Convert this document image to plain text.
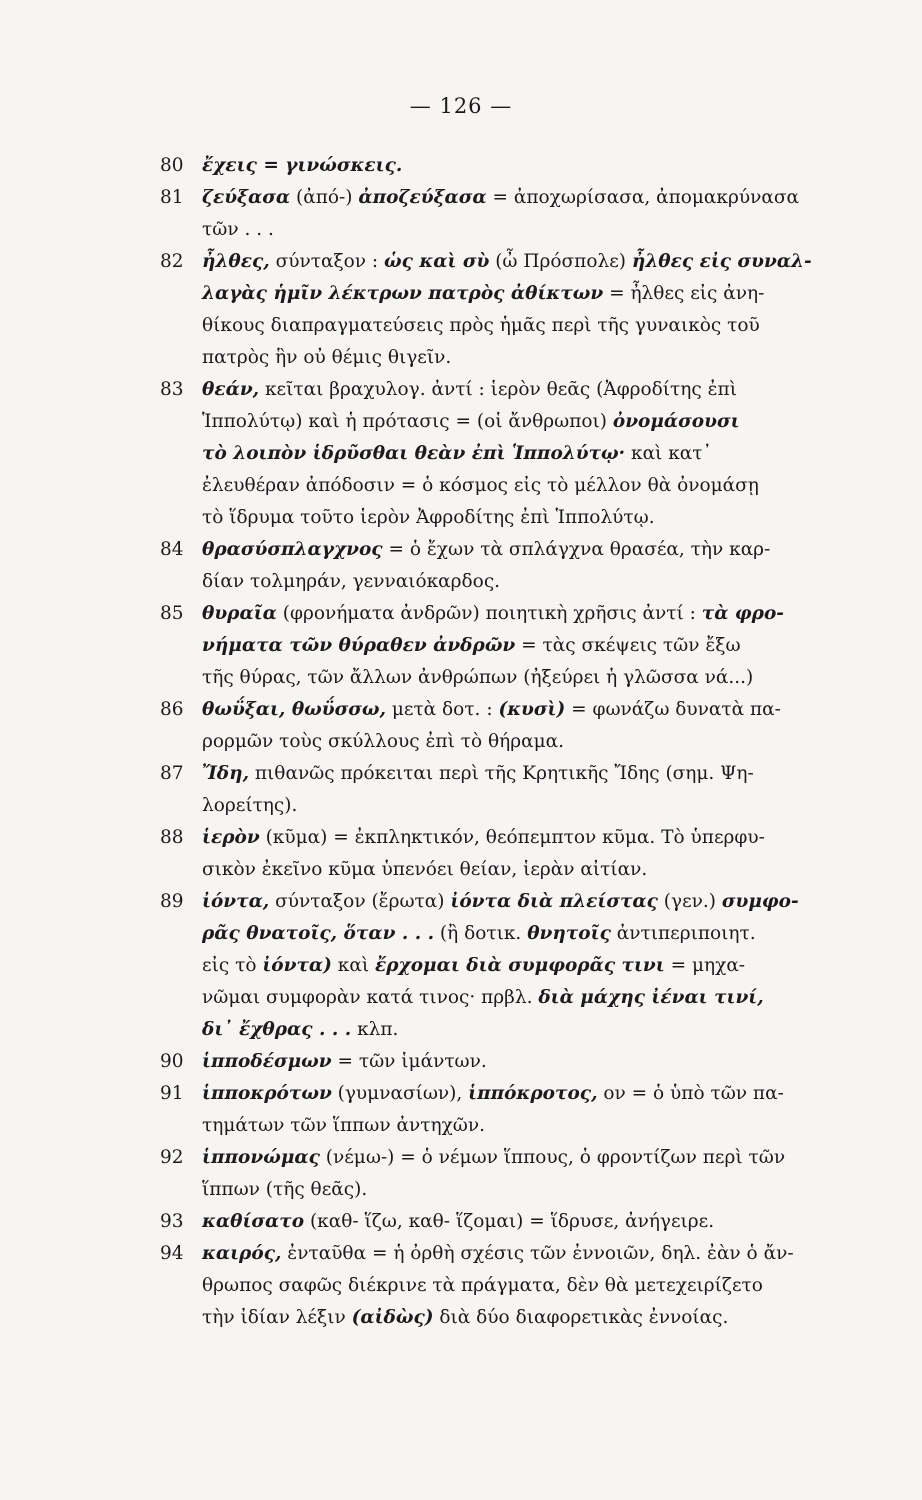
— 126 —
80 ἔχεις = γινώσκεις.

81 ζεύξασα (ἀπό-) ἀποζεύξασα = ἀποχωρίσασα, ἀπομακρύνασα

τῶν . . .

82 ἦλθες, σύνταξον : ὡς καὶ σὺ (ὦ Πρόσπολε) ἦλθες εἰς συναλ-

λαγὰς ἡμῖν λέκτρων πατρὸς ἀθίκτων = ἦλθες εἰς ἀνη-

θίκους διαπραγματεύσεις πρὸς ἡμᾶς περὶ τῆς γυναικὸς τοῦ

πατρὸς ἣν οὐ θέμις θιγεῖν.

83 θεάν, κεῖται βραχυλογ. ἀντί : ἱερὸν θεᾶς (Ἀφροδίτης ἐπὶ

Ἱππολύτῳ) καὶ ἡ πρότασις = (οἱ ἄνθρωποι) ὀνομάσουσι

τὸ λοιπὸν ἱδρῦσθαι θεὰν ἐπὶ Ἱππολύτῳ· καὶ κατ᾽

ἐλευθέραν ἀπόδοσιν = ὁ κόσμος εἰς τὸ μέλλον θὰ ὀνομάσῃ

τὸ ἵδρυμα τοῦτο ἱερὸν Ἀφροδίτης ἐπὶ Ἱππολύτῳ.

84 θρασύσπλαγχνος = ὁ ἔχων τὰ σπλάγχνα θρασέα, τὴν καρ-

δίαν τολμηράν, γενναιόκαρδος.

85 θυραῖα (φρονήματα ἀνδρῶν) ποιητικὴ χρῆσις ἀντί : τὰ φρο-

νήματα τῶν θύραθεν ἀνδρῶν = τὰς σκέψεις τῶν ἔξω

τῆς θύρας, τῶν ἄλλων ἀνθρώπων (ἠξεύρει ἡ γλῶσσα νά...)

86 θωΰξαι, θωΰσσω, μετὰ δοτ. : (κυσὶ) = φωνάζω δυνατὰ πα-

ρορμῶν τοὺς σκύλλους ἐπὶ τὸ θήραμα.

87 Ἴδη, πιθανῶς πρόκειται περὶ τῆς Κρητικῆς Ἴδης (σημ. Ψη-

λορείτης).

88 ἱερὸν (κῦμα) = ἐκπληκτικόν, θεόπεμπτον κῦμα. Τὸ ὑπερφυ-

σικὸν ἐκεῖνο κῦμα ὑπενόει θείαν, ἱερὰν αἰτίαν.

89 ἰόντα, σύνταξον (ἔρωτα) ἰόντα διὰ πλείστας (γεν.) συμφο-

ρᾶς θνατοῖς, ὅταν . . . (ἢ δοτικ. θνητοῖς ἀντιπεριποιητ.

εἰς τὸ ἰόντα) καὶ ἔρχομαι διὰ συμφορᾶς τινι = μηχα-

νῶμαι συμφορὰν κατά τινος· πρβλ. διὰ μάχης ἰέναι τινί,

δι᾽ ἔχθρας . . . κλπ.

90 ἱπποδέσμων = τῶν ἱμάντων.

91 ἱπποκρότων (γυμνασίων), ἱππόκροτος, ον = ὁ ὑπὸ τῶν πα-

τημάτων τῶν ἵππων ἀντηχῶν.

92 ἱππονώμας (νέμω-) = ὁ νέμων ἵππους, ὁ φροντίζων περὶ τῶν

ἵππων (τῆς θεᾶς).

93 καθίσατο (καθ- ἵζω, καθ- ἵζομαι) = ἵδρυσε, ἀνήγειρε.

94 καιρός, ἐνταῦθα = ἡ ὀρθὴ σχέσις τῶν ἐννοιῶν, δηλ. ἐὰν ὁ ἄν-

θρωπος σαφῶς διέκρινε τὰ πράγματα, δὲν θὰ μετεχειρίζετο

τὴν ἰδίαν λέξιν (αἰδὼς) διὰ δύο διαφορετικὰς ἐννοίας.
